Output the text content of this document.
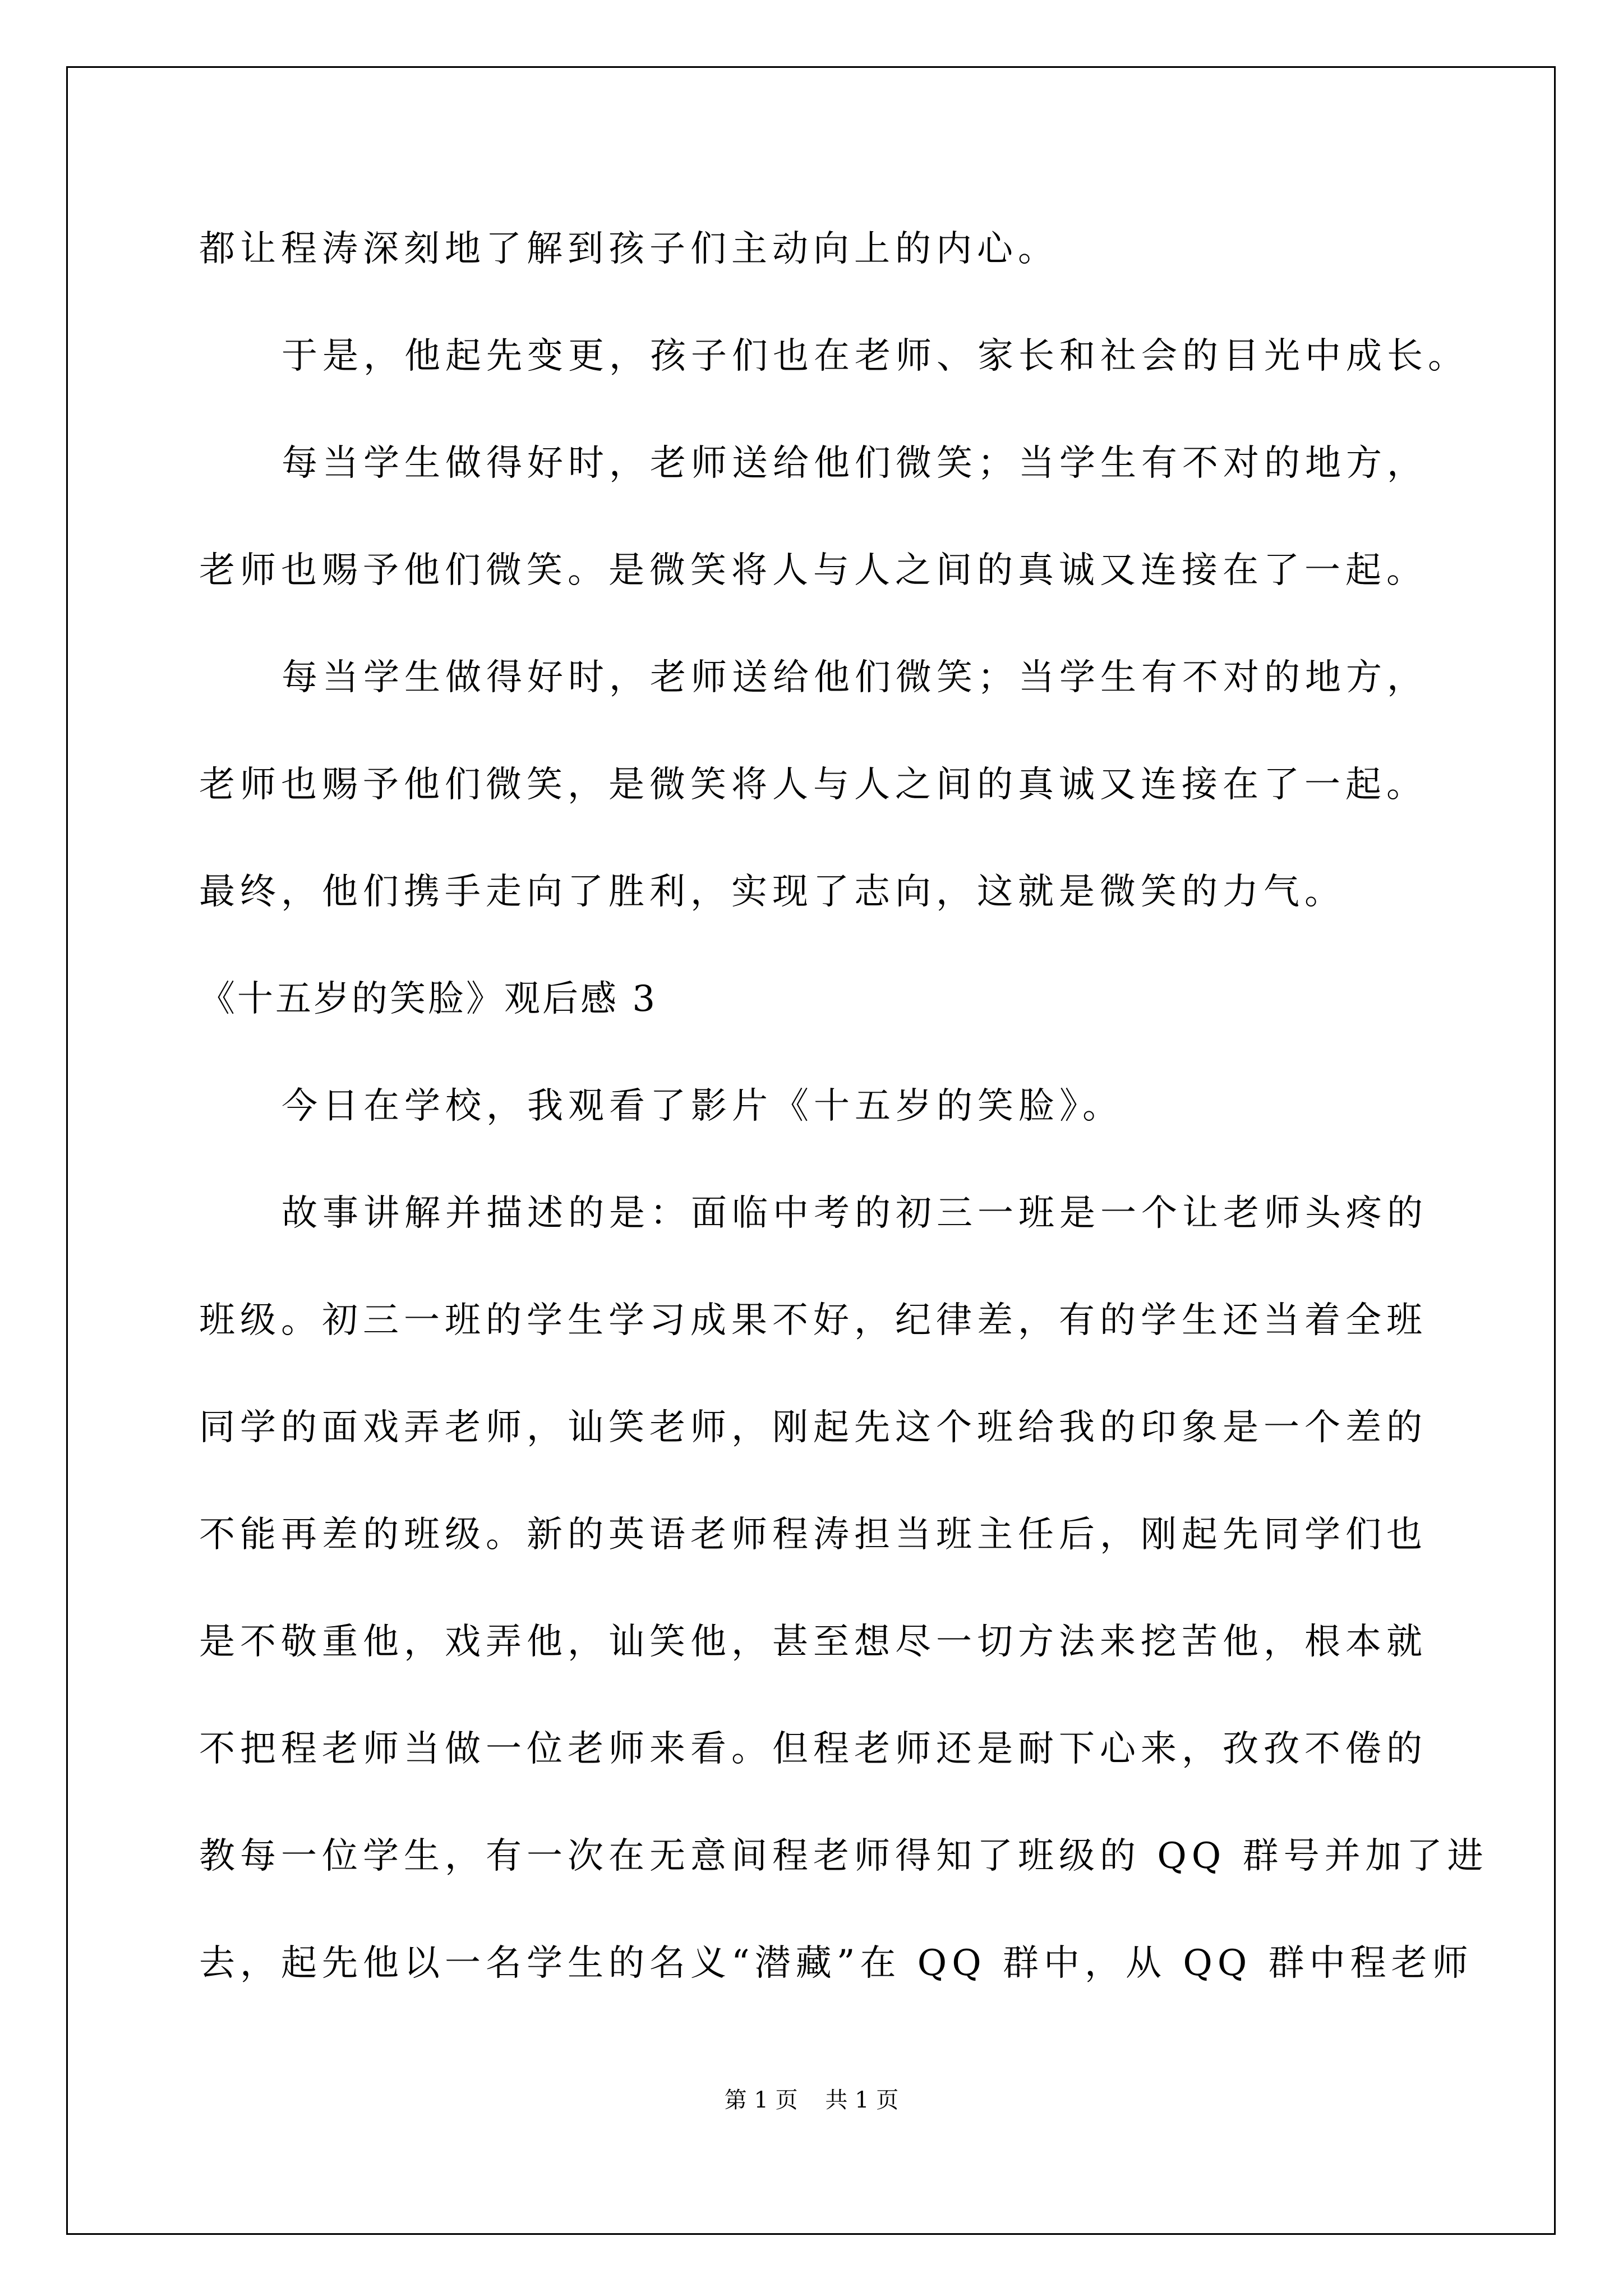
都让程涛深刻地了解到孩子们主动向上的内心。
于是，他起先变更，孩子们也在老师、家长和社会的目光中成长。
每当学生做得好时，老师送给他们微笑；当学生有不对的地方，
老师也赐予他们微笑。是微笑将人与人之间的真诚又连接在了一起。
每当学生做得好时，老师送给他们微笑；当学生有不对的地方，
老师也赐予他们微笑，是微笑将人与人之间的真诚又连接在了一起。
最终，他们携手走向了胜利，实现了志向，这就是微笑的力气。
《十五岁的笑脸》观后感 3
今日在学校，我观看了影片《十五岁的笑脸》。
故事讲解并描述的是：面临中考的初三一班是一个让老师头疼的
班级。初三一班的学生学习成果不好，纪律差，有的学生还当着全班
同学的面戏弄老师，讪笑老师，刚起先这个班给我的印象是一个差的
不能再差的班级。新的英语老师程涛担当班主任后，刚起先同学们也
是不敬重他，戏弄他，讪笑他，甚至想尽一切方法来挖苦他，根本就
不把程老师当做一位老师来看。但程老师还是耐下心来，孜孜不倦的
教每一位学生，有一次在无意间程老师得知了班级的 QQ 群号并加了进
去，起先他以一名学生的名义“潜藏”在 QQ 群中，从 QQ 群中程老师
第 1 页 共 1 页
